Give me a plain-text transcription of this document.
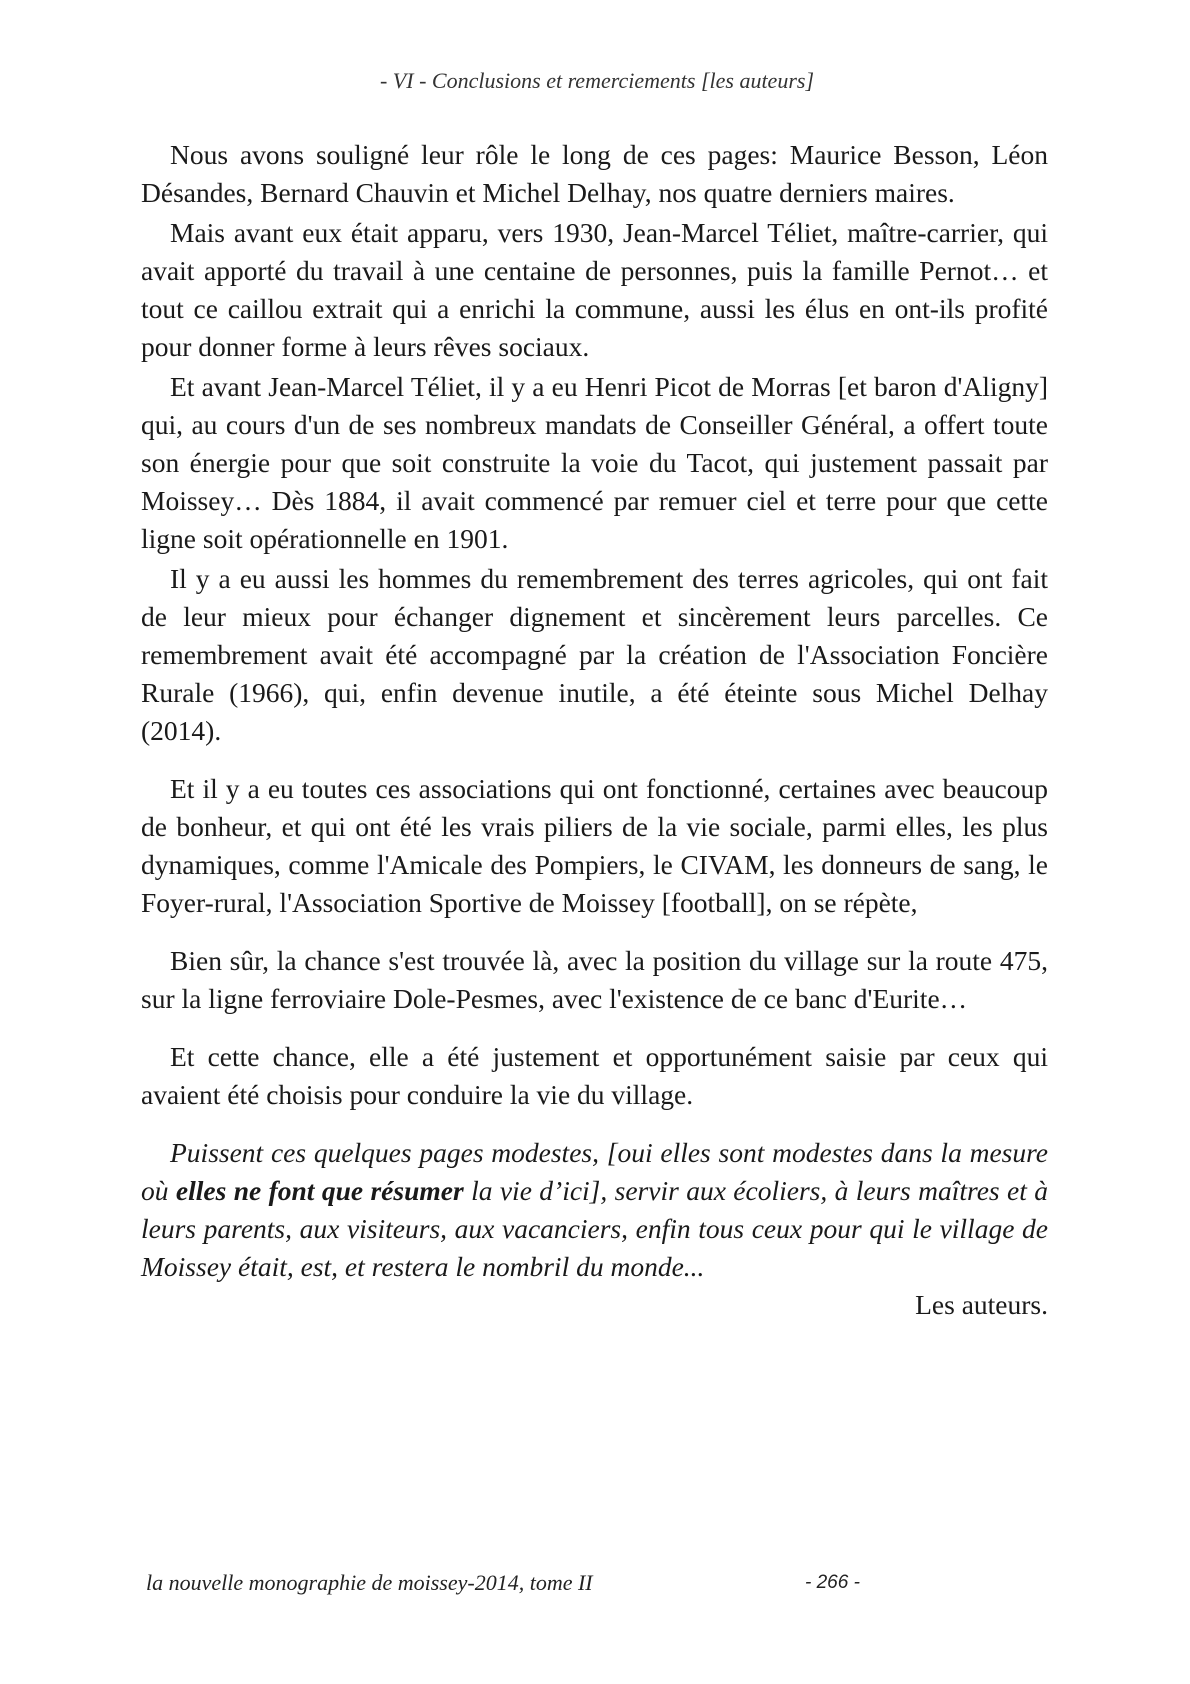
- VI - Conclusions et remerciements [les auteurs]

Nous avons souligné leur rôle le long de ces pages: Maurice Besson, Léon Désandes, Bernard Chauvin et Michel Delhay, nos quatre derniers maires.

Mais avant eux était apparu, vers 1930, Jean-Marcel Téliet, maître-carrier, qui avait apporté du travail à une centaine de personnes, puis la famille Pernot… et tout ce caillou extrait qui a enrichi la commune, aussi les élus en ont-ils profité pour donner forme à leurs rêves sociaux.

Et avant Jean-Marcel Téliet, il y a eu Henri Picot de Morras [et baron d'Aligny] qui, au cours d'un de ses nombreux mandats de Conseiller Général, a offert toute son énergie pour que soit construite la voie du Tacot, qui justement passait par Moissey… Dès 1884, il avait commencé par remuer ciel et terre pour que cette ligne soit opérationnelle en 1901.

Il y a eu aussi les hommes du remembrement des terres agricoles, qui ont fait de leur mieux pour échanger dignement et sincèrement leurs parcelles. Ce remembrement avait été accompagné par la création de l'Association Foncière Rurale (1966), qui, enfin devenue inutile, a été éteinte sous Michel Delhay (2014).

Et il y a eu toutes ces associations qui ont fonctionné, certaines avec beaucoup de bonheur, et qui ont été les vrais piliers de la vie sociale, parmi elles, les plus dynamiques, comme l'Amicale des Pompiers, le CIVAM, les donneurs de sang, le Foyer-rural, l'Association Sportive de Moissey [football], on se répète,

Bien sûr, la chance s'est trouvée là, avec la position du village sur la route 475, sur la ligne ferroviaire Dole-Pesmes, avec l'existence de ce banc d'Eurite…

Et cette chance, elle a été justement et opportunément saisie par ceux qui avaient été choisis pour conduire la vie du village.

Puissent ces quelques pages modestes, [oui elles sont modestes dans la mesure où elles ne font que résumer la vie d’ici], servir aux écoliers, à leurs maîtres et à leurs parents, aux visiteurs, aux vacanciers, enfin tous ceux pour qui le village de Moissey était, est, et restera le nombril du monde...

Les auteurs.

la nouvelle monographie de moissey-2014, tome II	- 266 -
